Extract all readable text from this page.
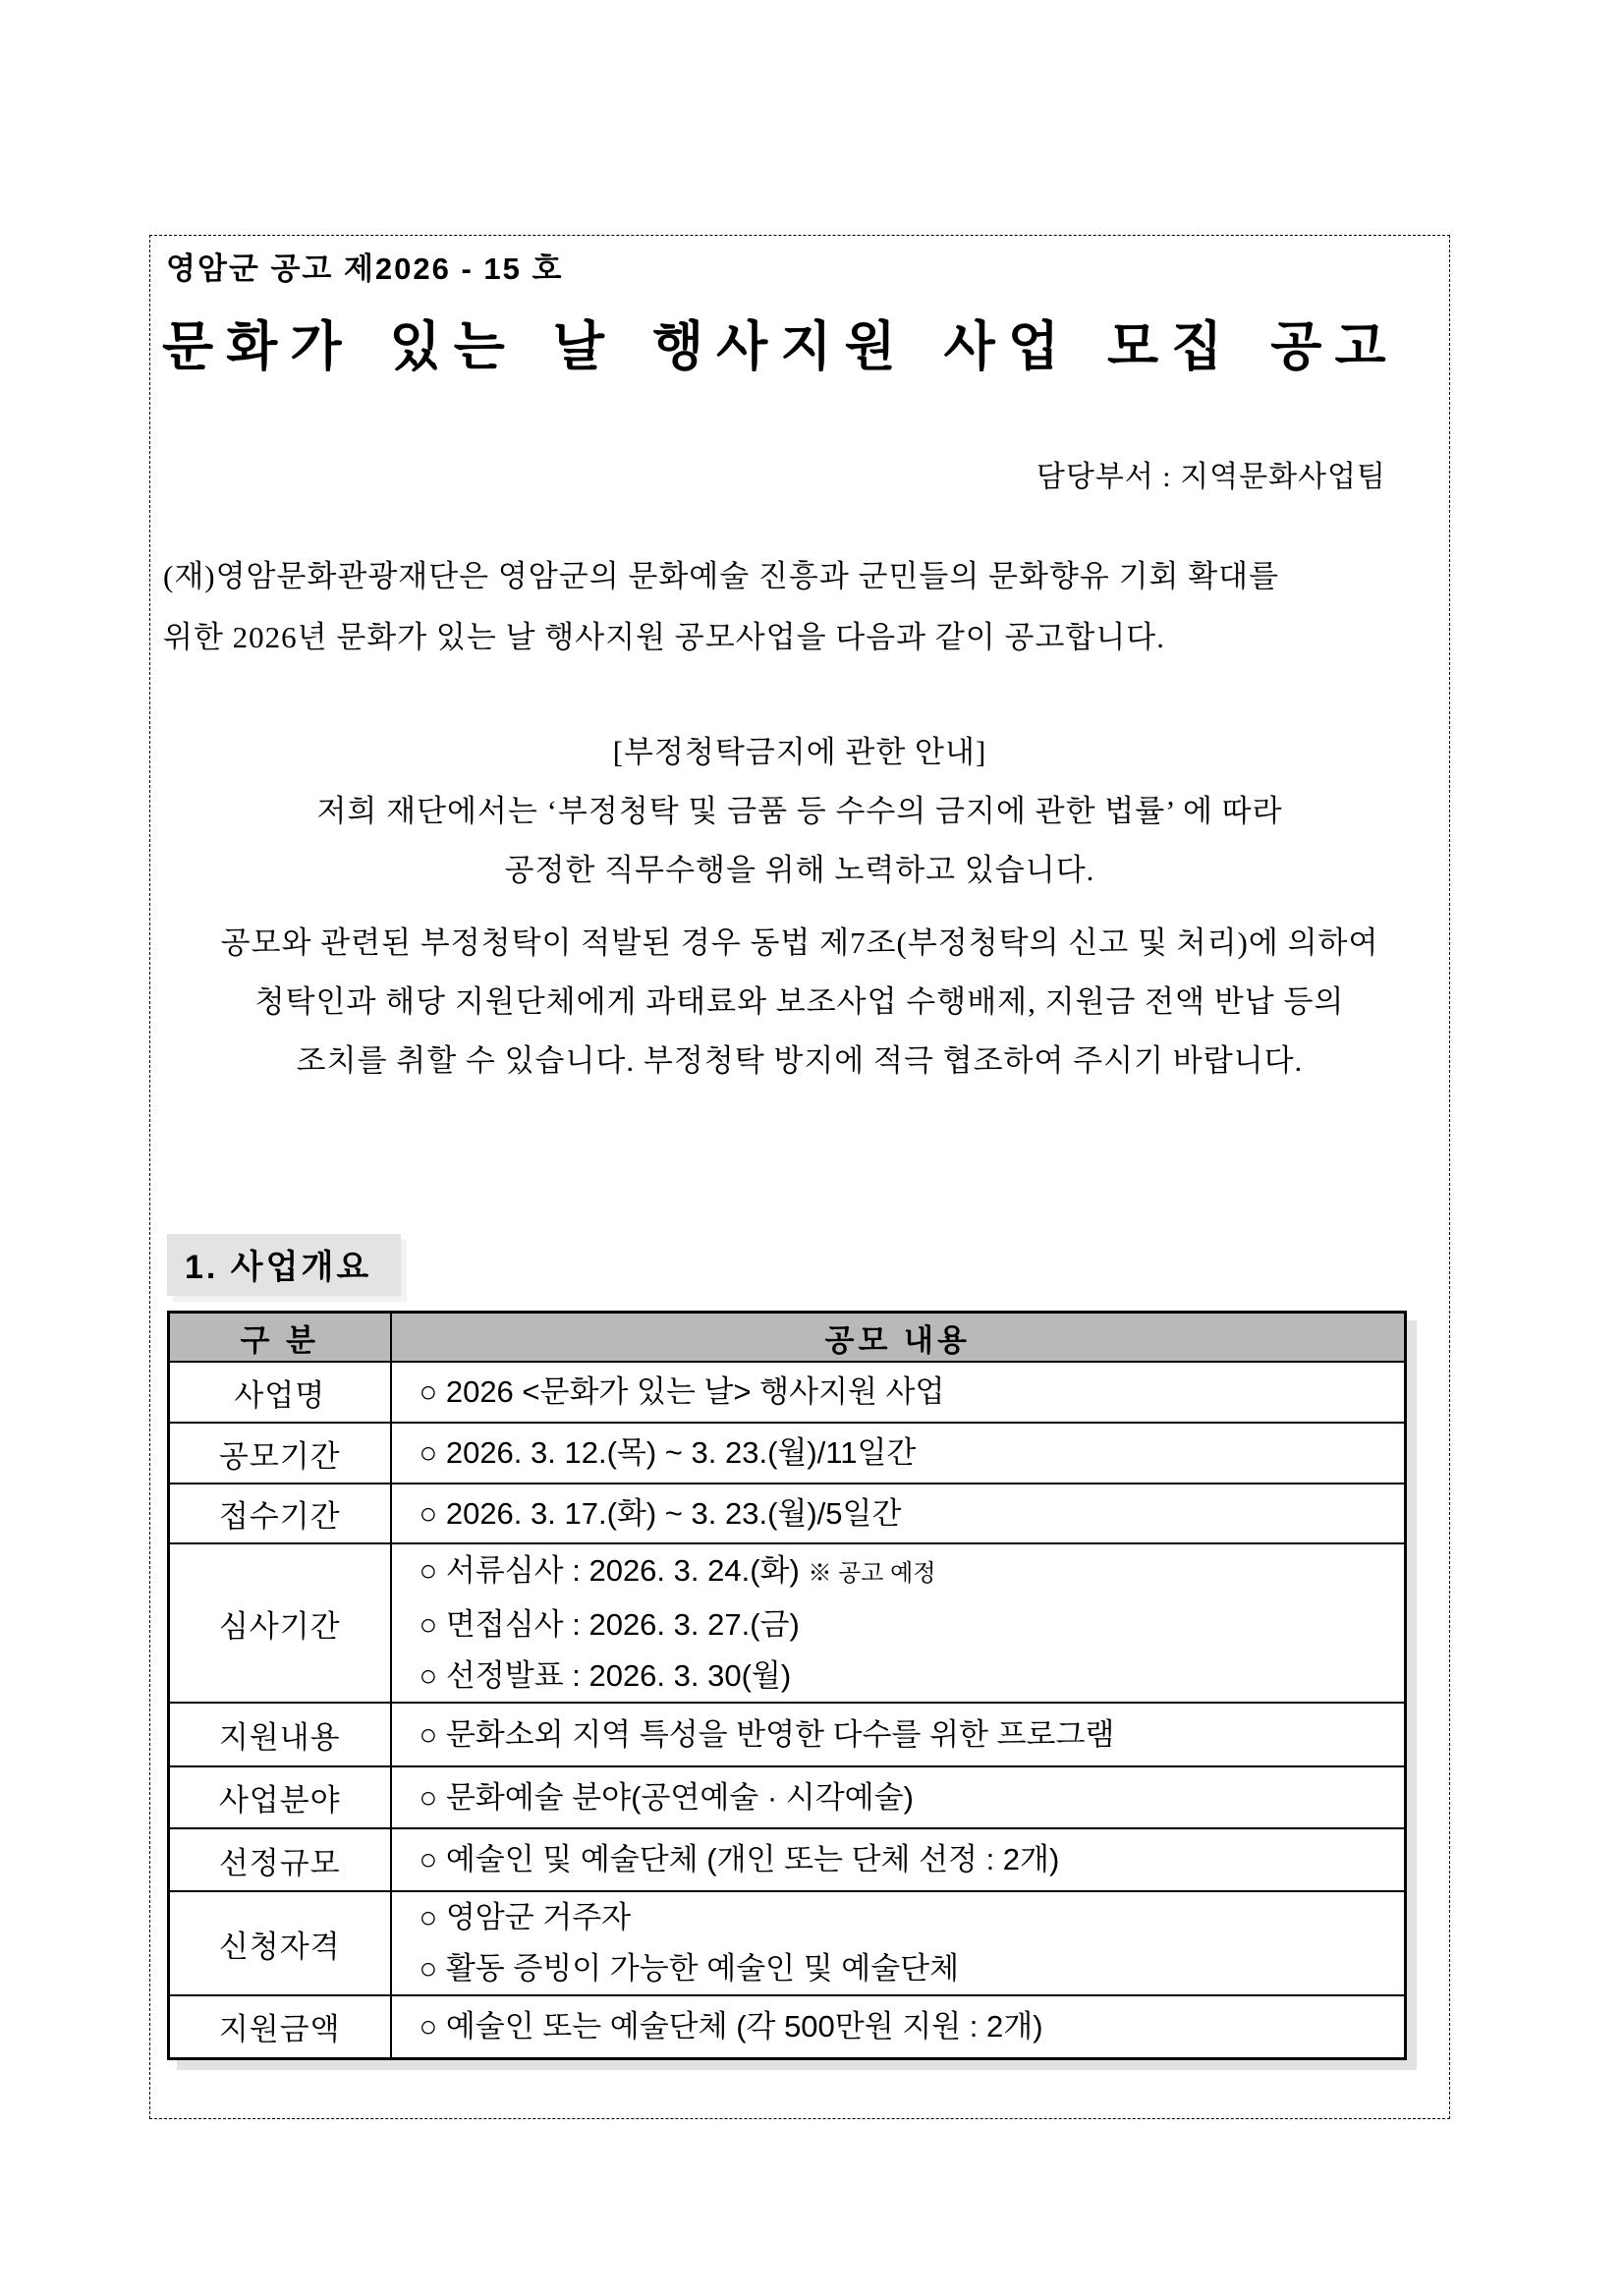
영암군 공고 제2026 - 15 호
문화가 있는 날 행사지원 사업 모집 공고
담당부서 : 지역문화사업팀
(재)영암문화관광재단은 영암군의 문화예술 진흥과 군민들의 문화향유 기회 확대를
위한 2026년 문화가 있는 날 행사지원 공모사업을 다음과 같이 공고합니다.
[부정청탁금지에 관한 안내]
저희 재단에서는 ‘부정청탁 및 금품 등 수수의 금지에 관한 법률’ 에 따라
공정한 직무수행을 위해 노력하고 있습니다.
공모와 관련된 부정청탁이 적발된 경우 동법 제7조(부정청탁의 신고 및 처리)에 의하여
청탁인과 해당 지원단체에게 과태료와 보조사업 수행배제, 지원금 전액 반납 등의
조치를 취할 수 있습니다. 부정청탁 방지에 적극 협조하여 주시기 바랍니다.
1. 사업개요
구 분	공모 내용
사업명	○ 2026 <문화가 있는 날> 행사지원 사업

공모기간	○ 2026. 3. 12.(목) ~ 3. 23.(월)/11일간

접수기간	○ 2026. 3. 17.(화) ~ 3. 23.(월)/5일간

심사기간	○ 서류심사 : 2026. 3. 24.(화) ※ 공고 예정
○ 면접심사 : 2026. 3. 27.(금)
○ 선정발표 : 2026. 3. 30(월)

지원내용	○ 문화소외 지역 특성을 반영한 다수를 위한 프로그램

사업분야	○ 문화예술 분야(공연예술 · 시각예술)

선정규모	○ 예술인 및 예술단체 (개인 또는 단체 선정 : 2개)

신청자격	○ 영암군 거주자
○ 활동 증빙이 가능한 예술인 및 예술단체

지원금액	○ 예술인 또는 예술단체 (각 500만원 지원 : 2개)
